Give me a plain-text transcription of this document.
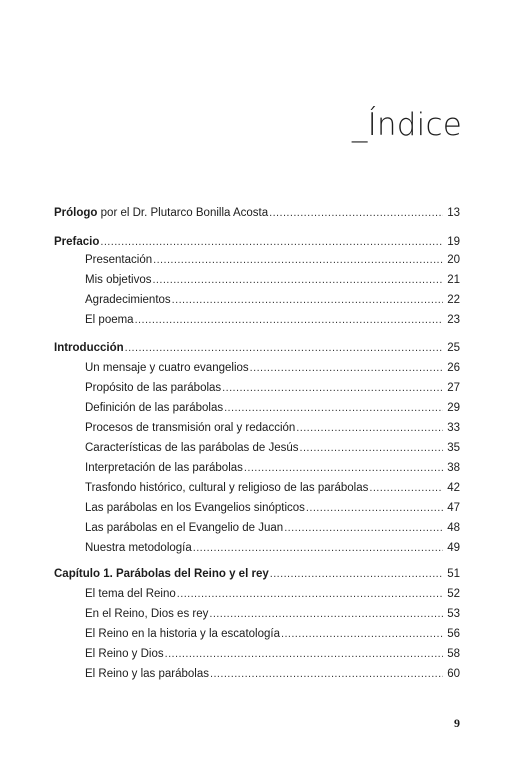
_Índice
Prólogo por el Dr. Plutarco Bonilla Acosta .....	13
Prefacio .....	19
Presentación .....	20
Mis objetivos .....	21
Agradecimientos .....	22
El poema .....	23
Introducción .....	25
Un mensaje y cuatro evangelios .....	26
Propósito de las parábolas .....	27
Definición de las parábolas .....	29
Procesos de transmisión oral y redacción .....	33
Características de las parábolas de Jesús .....	35
Interpretación de las parábolas .....	38
Trasfondo histórico, cultural y religioso de las parábolas .....	42
Las parábolas en los Evangelios sinópticos .....	47
Las parábolas en el Evangelio de Juan .....	48
Nuestra metodología .....	49
Capítulo 1. Parábolas del Reino y el rey .....	51
El tema del Reino .....	52
En el Reino, Dios es rey .....	53
El Reino en la historia y la escatología .....	56
El Reino y Dios .....	58
El Reino y las parábolas .....	60
9
